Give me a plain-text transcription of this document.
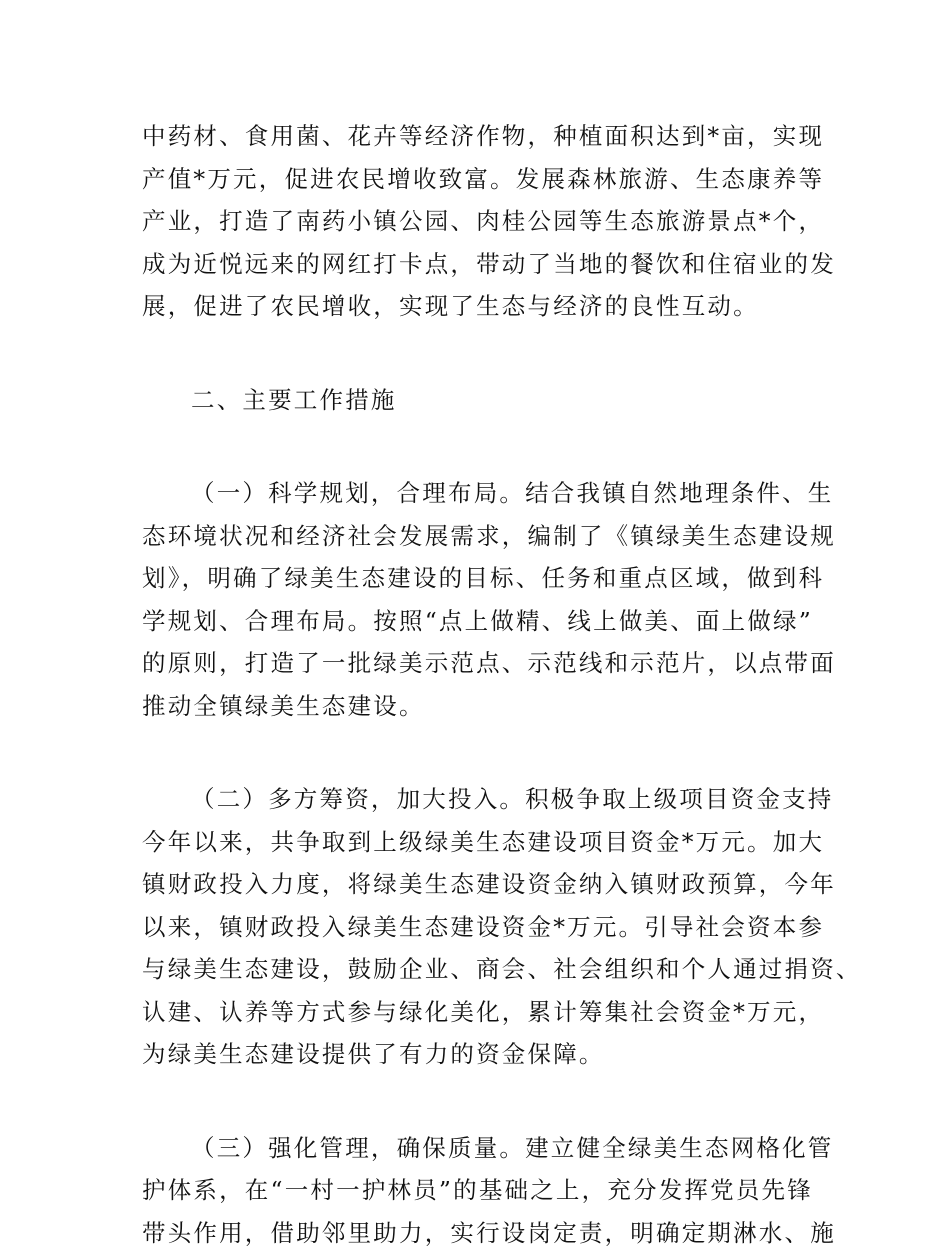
中药材、食用菌、花卉等经济作物，种植面积达到*亩，实现
产值*万元，促进农民增收致富。发展森林旅游、生态康养等
产业，打造了南药小镇公园、肉桂公园等生态旅游景点*个，
成为近悦远来的网红打卡点，带动了当地的餐饮和住宿业的发
展，促进了农民增收，实现了生态与经济的良性互动。
二、主要工作措施
（一）科学规划，合理布局。结合我镇自然地理条件、生
态环境状况和经济社会发展需求，编制了《镇绿美生态建设规
划》，明确了绿美生态建设的目标、任务和重点区域，做到科
学规划、合理布局。按照“点上做精、线上做美、面上做绿”
的原则，打造了一批绿美示范点、示范线和示范片，以点带面
推动全镇绿美生态建设。
（二）多方筹资，加大投入。积极争取上级项目资金支持
今年以来，共争取到上级绿美生态建设项目资金*万元。加大
镇财政投入力度，将绿美生态建设资金纳入镇财政预算，今年
以来，镇财政投入绿美生态建设资金*万元。引导社会资本参
与绿美生态建设，鼓励企业、商会、社会组织和个人通过捐资、
认建、认养等方式参与绿化美化，累计筹集社会资金*万元，
为绿美生态建设提供了有力的资金保障。
（三）强化管理，确保质量。建立健全绿美生态网格化管
护体系，在“一村一护林员”的基础之上，充分发挥党员先锋
带头作用，借助邻里助力，实行设岗定责，明确定期淋水、施
